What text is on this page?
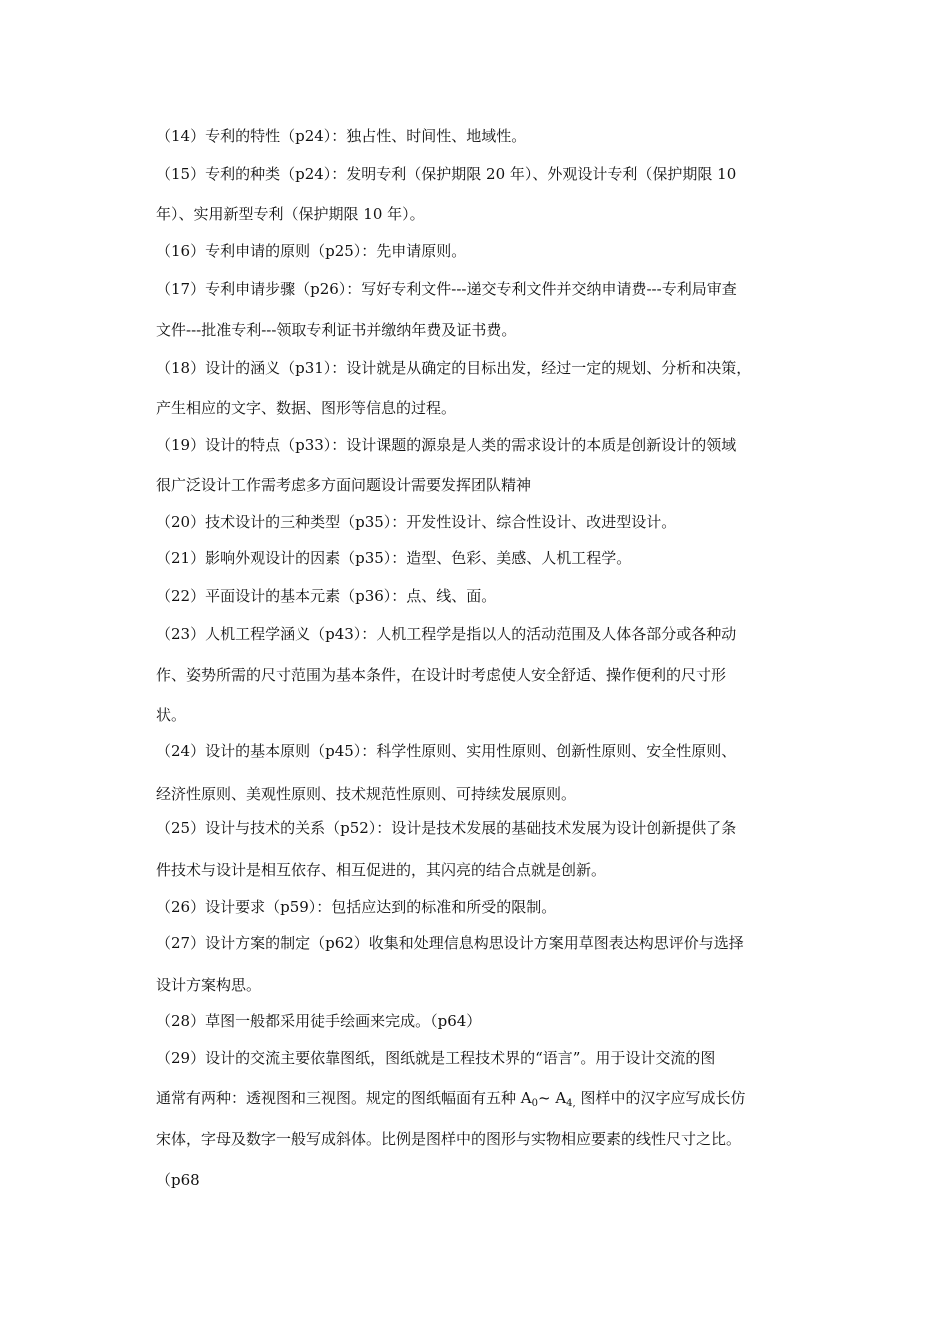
（14）专利的特性（p24）：独占性、时间性、地域性。
（15）专利的种类（p24）：发明专利（保护期限 20 年）、外观设计专利（保护期限 10
年）、实用新型专利（保护期限 10 年）。
（16）专利申请的原则（p25）：先申请原则。
（17）专利申请步骤（p26）：写好专利文件---递交专利文件并交纳申请费---专利局审查
文件---批准专利---领取专利证书并缴纳年费及证书费。
（18）设计的涵义（p31）：设计就是从确定的目标出发，经过一定的规划、分析和决策，
产生相应的文字、数据、图形等信息的过程。
（19）设计的特点（p33）：设计课题的源泉是人类的需求设计的本质是创新设计的领域
很广泛设计工作需考虑多方面问题设计需要发挥团队精神
（20）技术设计的三种类型（p35）：开发性设计、综合性设计、改进型设计。
（21）影响外观设计的因素（p35）：造型、色彩、美感、人机工程学。
（22）平面设计的基本元素（p36）：点、线、面。
（23）人机工程学涵义（p43）：人机工程学是指以人的活动范围及人体各部分或各种动
作、姿势所需的尺寸范围为基本条件，在设计时考虑使人安全舒适、操作便利的尺寸形
状。
（24）设计的基本原则（p45）：科学性原则、实用性原则、创新性原则、安全性原则、
经济性原则、美观性原则、技术规范性原则、可持续发展原则。
（25）设计与技术的关系（p52）：设计是技术发展的基础技术发展为设计创新提供了条
件技术与设计是相互依存、相互促进的，其闪亮的结合点就是创新。
（26）设计要求（p59）：包括应达到的标准和所受的限制。
（27）设计方案的制定（p62）收集和处理信息构思设计方案用草图表达构思评价与选择
设计方案构思。
（28）草图一般都采用徒手绘画来完成。（p64）
（29）设计的交流主要依靠图纸，图纸就是工程技术界的“语言”。用于设计交流的图
通常有两种：透视图和三视图。规定的图纸幅面有五种 $A_0\sim$ $A_{4,}$ 图样中的汉字应写成长仿
宋体，字母及数字一般写成斜体。比例是图样中的图形与实物相应要素的线性尺寸之比。
（p68
